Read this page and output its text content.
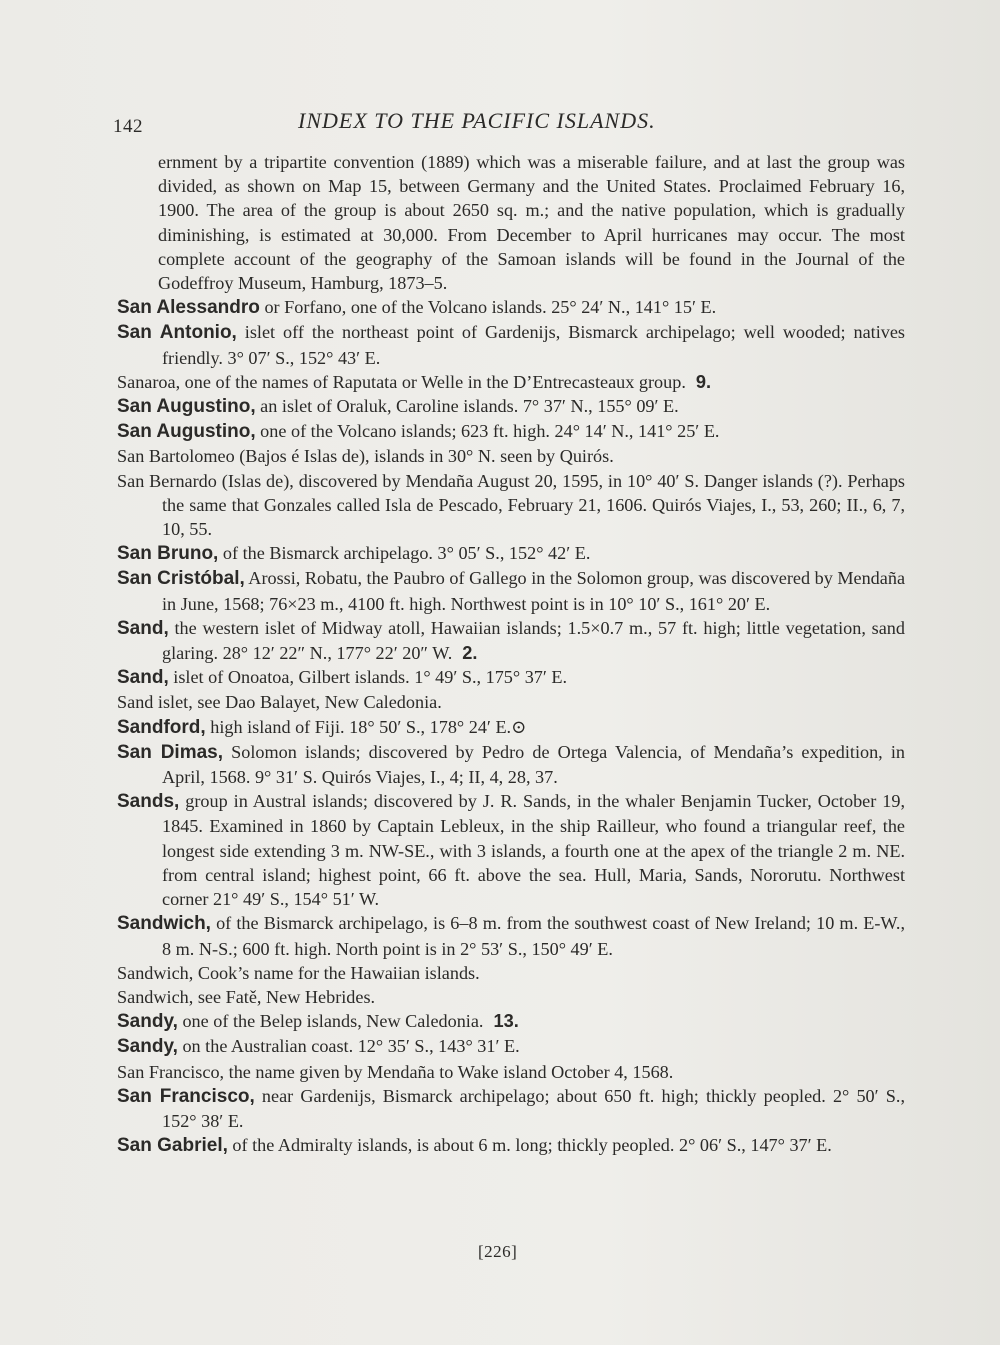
142	INDEX TO THE PACIFIC ISLANDS.
ernment by a tripartite convention (1889) which was a miserable failure, and at last the group was divided, as shown on Map 15, between Germany and the United States. Proclaimed February 16, 1900. The area of the group is about 2650 sq. m.; and the native population, which is gradually diminishing, is estimated at 30,000. From December to April hurricanes may occur. The most complete account of the geography of the Samoan islands will be found in the Journal of the Godeffroy Museum, Hamburg, 1873–5.
San Alessandro or Forfano, one of the Volcano islands. 25° 24′ N., 141° 15′ E.
San Antonio, islet off the northeast point of Gardenijs, Bismarck archipelago; well wooded; natives friendly. 3° 07′ S., 152° 43′ E.
Sanaroa, one of the names of Raputata or Welle in the D’Entrecasteaux group. 9.
San Augustino, an islet of Oraluk, Caroline islands. 7° 37′ N., 155° 09′ E.
San Augustino, one of the Volcano islands; 623 ft. high. 24° 14′ N., 141° 25′ E.
San Bartolomeo (Bajos é Islas de), islands in 30° N. seen by Quirós.
San Bernardo (Islas de), discovered by Mendaña August 20, 1595, in 10° 40′ S. Danger islands (?). Perhaps the same that Gonzales called Isla de Pescado, February 21, 1606. Quirós Viajes, I., 53, 260; II., 6, 7, 10, 55.
San Bruno, of the Bismarck archipelago. 3° 05′ S., 152° 42′ E.
San Cristóbal, Arossi, Robatu, the Paubro of Gallego in the Solomon group, was discovered by Mendaña in June, 1568; 76×23 m., 4100 ft. high. Northwest point is in 10° 10′ S., 161° 20′ E.
Sand, the western islet of Midway atoll, Hawaiian islands; 1.5×0.7 m., 57 ft. high; little vegetation, sand glaring. 28° 12′ 22″ N., 177° 22′ 20″ W. 2.
Sand, islet of Onoatoa, Gilbert islands. 1° 49′ S., 175° 37′ E.
Sand islet, see Dao Balayet, New Caledonia.
Sandford, high island of Fiji. 18° 50′ S., 178° 24′ E.⊙
San Dimas, Solomon islands; discovered by Pedro de Ortega Valencia, of Mendaña’s expedition, in April, 1568. 9° 31′ S. Quirós Viajes, I., 4; II, 4, 28, 37.
Sands, group in Austral islands; discovered by J. R. Sands, in the whaler Benjamin Tucker, October 19, 1845. Examined in 1860 by Captain Lebleux, in the ship Railleur, who found a triangular reef, the longest side extending 3 m. NW-SE., with 3 islands, a fourth one at the apex of the triangle 2 m. NE. from central island; highest point, 66 ft. above the sea. Hull, Maria, Sands, Nororutu. Northwest corner 21° 49′ S., 154° 51′ W.
Sandwich, of the Bismarck archipelago, is 6–8 m. from the southwest coast of New Ireland; 10 m. E-W., 8 m. N-S.; 600 ft. high. North point is in 2° 53′ S., 150° 49′ E.
Sandwich, Cook’s name for the Hawaiian islands.
Sandwich, see Fatě, New Hebrides.
Sandy, one of the Belep islands, New Caledonia. 13.
Sandy, on the Australian coast. 12° 35′ S., 143° 31′ E.
San Francisco, the name given by Mendaña to Wake island October 4, 1568.
San Francisco, near Gardenijs, Bismarck archipelago; about 650 ft. high; thickly peopled. 2° 50′ S., 152° 38′ E.
San Gabriel, of the Admiralty islands, is about 6 m. long; thickly peopled. 2° 06′ S., 147° 37′ E.
[226]
